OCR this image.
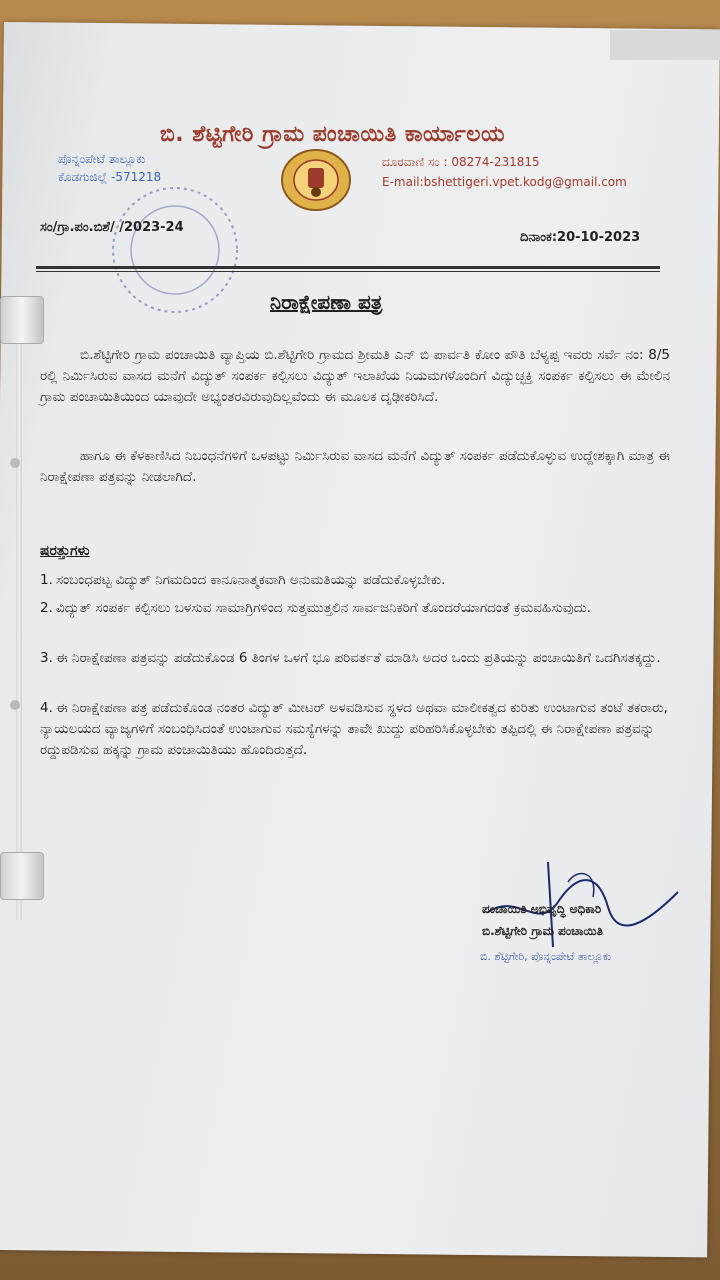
ಬಿ. ಶೆಟ್ಟಿಗೇರಿ ಗ್ರಾಮ ಪಂಚಾಯಿತಿ ಕಾರ್ಯಾಲಯ
ಪೊನ್ನಂಪೇಟೆ ತಾಲ್ಲೂಕು
ಕೊಡಗುಜಿಲ್ಲೆ -571218
ದೂರವಾಣಿ ಸಂ : 08274-231815
E-mail:bshettigeri.vpet.kodg@gmail.com
ಸಂ/ಗ್ರಾ.ಪಂ.ಬಿಶೆ/ /2023-24
ದಿನಾಂಕ:20-10-2023
ನಿರಾಕ್ಷೇಪಣಾ ಪತ್ರ
ಬಿ.ಶೆಟ್ಟಿಗೇರಿ ಗ್ರಾಮ ಪಂಚಾಯಿತಿ ವ್ಯಾಪ್ತಿಯ ಬಿ.ಶೆಟ್ಟಿಗೇರಿ ಗ್ರಾಮದ ಶ್ರೀಮತಿ ಎನ್ ಬಿ ಪಾರ್ವತಿ ಕೋಂ ಪೌತಿ ಬೆಳ್ಯಪ್ಪ ಇವರು ಸರ್ವೆ ನಂ: 8/5 ರಲ್ಲಿ ನಿರ್ಮಿಸಿರುವ ವಾಸದ ಮನೆಗೆ ವಿದ್ಯುತ್ ಸಂಪರ್ಕ ಕಲ್ಪಿಸಲು ವಿದ್ಯುತ್ ಇಲಾಖೆಯ ನಿಯಮಗಳೊಂದಿಗೆ ವಿದ್ಯುಚ್ಛಕ್ತಿ ಸಂಪರ್ಕ ಕಲ್ಪಿಸಲು ಈ ಮೇಲಿನ ಗ್ರಾಮ ಪಂಚಾಯಿತಿಯಿಂದ ಯಾವುದೇ ಅಭ್ಯಂತರವಿರುವುದಿಲ್ಲವೆಂದು ಈ ಮೂಲಕ ದೃಢೀಕರಿಸಿದೆ.
ಹಾಗೂ ಈ ಕೆಳಕಾಣಿಸಿದ ನಿಬಂಧನೆಗಳಿಗೆ ಒಳಪಟ್ಟು ನಿರ್ಮಿಸಿರುವ ವಾಸದ ಮನೆಗೆ ವಿದ್ಯುತ್ ಸಂಪರ್ಕ ಪಡೆದುಕೊಳ್ಳುವ ಉದ್ದೇಶಕ್ಕಾಗಿ ಮಾತ್ರ ಈ ನಿರಾಕ್ಷೇಪಣಾ ಪತ್ರವನ್ನು ನೀಡಲಾಗಿದೆ.
ಷರತ್ತುಗಳು
1. ಸಂಬಂಧಪಟ್ಟ ವಿದ್ಯುತ್ ನಿಗಮದಿಂದ ಕಾನೂನಾತ್ಮಕವಾಗಿ ಅನುಮತಿಯನ್ನು ಪಡೆದುಕೊಳ್ಳಬೇಕು.
2. ವಿದ್ಯುತ್ ಸಂಪರ್ಕ ಕಲ್ಪಿಸಲು ಬಳಸುವ ಸಾಮಾಗ್ರಿಗಳಿಂದ ಸುತ್ತಮುತ್ತಲಿನ ಸಾರ್ವಜನಿಕರಿಗೆ ತೊಂದರೆಯಾಗದಂತೆ ಕ್ರಮವಹಿಸುವುದು.
3. ಈ ನಿರಾಕ್ಷೇಪಣಾ ಪತ್ರವನ್ನು ಪಡೆದುಕೊಂಡ 6 ತಿಂಗಳ ಒಳಗೆ ಭೂ ಪರಿವರ್ತತೆ ಮಾಡಿಸಿ ಅದರ ಒಂದು ಪ್ರತಿಯನ್ನು ಪಂಚಾಯಿತಿಗೆ ಒದಗಿಸತಕ್ಕದ್ದು.
4. ಈ ನಿರಾಕ್ಷೇಪಣಾ ಪತ್ರ ಪಡೆದುಕೊಂಡ ನಂತರ ವಿದ್ಯುತ್ ಮೀಟರ್ ಅಳವಡಿಸುವ ಸ್ಥಳದ ಅಥವಾ ಮಾಲೀಕತ್ವದ ಕುರಿತು ಉಂಟಾಗುವ ತಂಟೆ ತಕರಾರು, ನ್ಯಾಯಲಯದ ವ್ಯಾಜ್ಯಗಳಿಗೆ ಸಂಬಂಧಿಸಿದಂತೆ ಉಂಟಾಗುವ ಸಮಸ್ಯೆಗಳನ್ನು ತಾವೇ ಖುದ್ದು ಪರಿಹರಿಸಿಕೊಳ್ಳಬೇಕು ತಪ್ಪಿದಲ್ಲಿ ಈ ನಿರಾಕ್ಷೇಪಣಾ ಪತ್ರವನ್ನು ರದ್ದುಪಡಿಸುವ ಹಕ್ಕನ್ನು ಗ್ರಾಮ ಪಂಚಾಯಿತಿಯು ಹೊಂದಿರುತ್ತದೆ.
ಪಂಚಾಯಿತಿ ಅಭಿವೃದ್ಧಿ ಅಧಿಕಾರಿ
ಬಿ.ಶೆಟ್ಟಿಗೇರಿ ಗ್ರಾಮ ಪಂಚಾಯಿತಿ
ಬಿ. ಶೆಟ್ಟಿಗೇರಿ, ಪೊನ್ನಂಪೇಟೆ ತಾಲ್ಲೂಕು
